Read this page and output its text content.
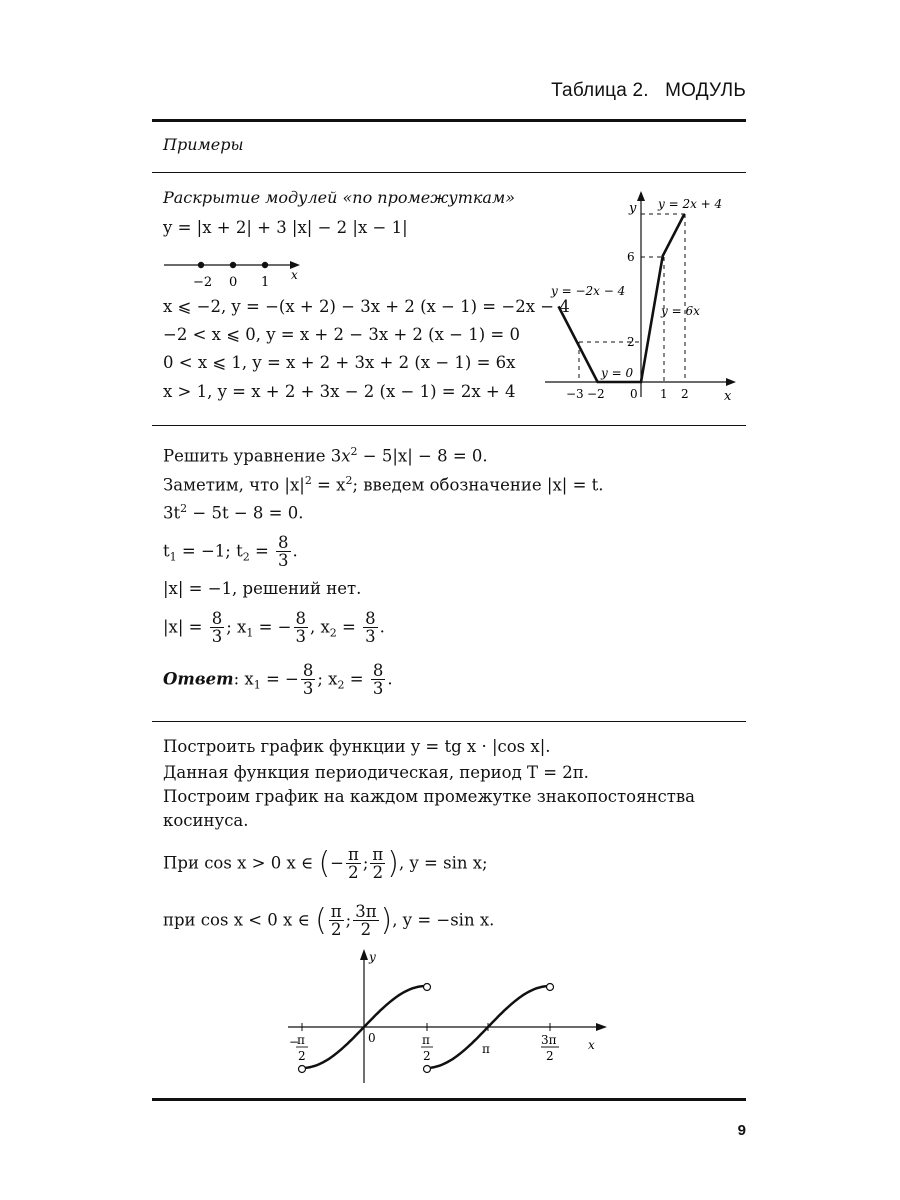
Таблица 2.   МОДУЛЬ
Примеры
Раскрытие модулей «по промежуткам»
y = |x + 2| + 3 |x| − 2 |x − 1|
−2 0 1 x
x ⩽ −2, y = −(x + 2) − 3x + 2 (x − 1) = −2x − 4
−2 < x ⩽ 0, y = x + 2 − 3x + 2 (x − 1) = 0
0 < x ⩽ 1, y = x + 2 + 3x + 2 (x − 1) = 6x
x > 1, y = x + 2 + 3x − 2 (x − 1) = 2x + 4
y
x
−3 −2 0 1 2
2
6
y = 2x + 4
y = −2x − 4
y = 6x
y = 0
Решить уравнение $3x^2 - 5|x| - 8 = 0$.
Заметим, что $|x|^2 = x^2$; введем обозначение |x| = t.
$3t^2 - 5t - 8 = 0$.
$t_1 = -1$; $t_2 = \frac{8}{3}$ .
|x| = −1, решений нет.
$|x| = \frac{8}{3}$ ; $x_1$ = − $\frac{8}{3}$ , $x_2 = \frac{8}{3}$ .
Ответ: $x_1$ = − $\frac{8}{3}$ ; $x_2 = \frac{8}{3}$ .
Построить график функции y = tg x · |cos x|.
Данная функция периодическая, период T = 2π.
Построим график на каждом промежутке знакопостоянства
косинуса.
При cos x > 0 x ∈ (− $\frac{\pi}{2}$ ; $\frac{\pi}{2}$ ), y = sin x;
при cos x < 0 x ∈ ( $\frac{\pi}{2}$ ; $\frac{3\pi}{2}$ ), y = −sin x.
y
x
0
−
π
2
π
2	π
3π
2
9
